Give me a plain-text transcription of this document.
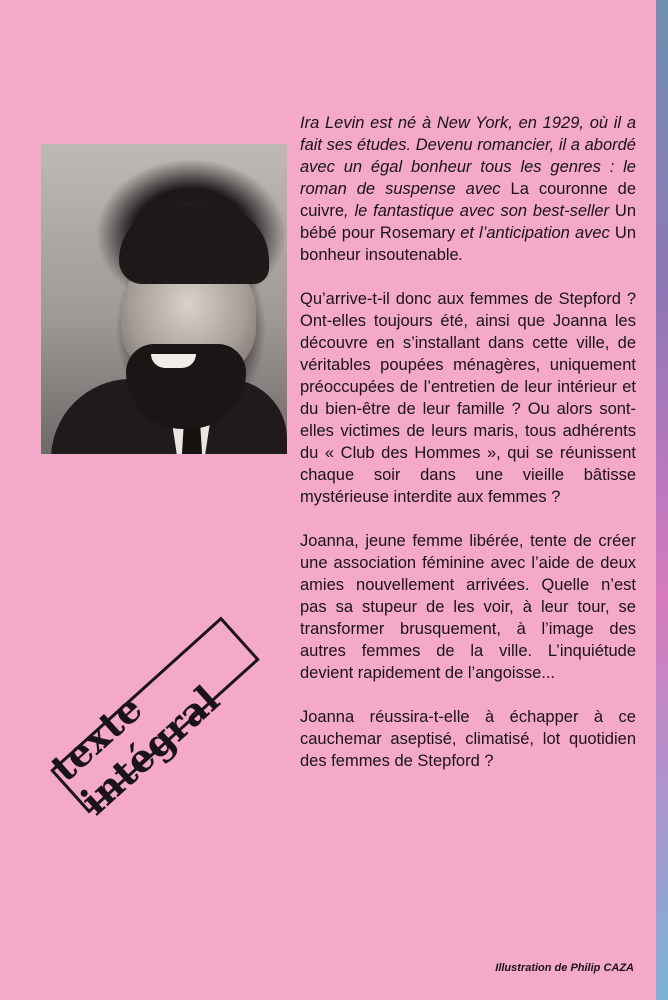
texte intégral

Ira Levin est né à New York, en 1929, où il a fait ses études. Devenu romancier, il a abordé avec un égal bonheur tous les genres : le roman de suspense avec La couronne de cuivre, le fantastique avec son best-seller Un bébé pour Rosemary et l’anticipation avec Un bonheur insoutenable.

Qu’arrive-t-il donc aux femmes de Stepford ? Ont-elles toujours été, ainsi que Joanna les découvre en s’installant dans cette ville, de véritables poupées ménagères, uniquement préoccupées de l’entretien de leur intérieur et du bien-être de leur famille ? Ou alors sont-elles victimes de leurs maris, tous adhérents du « Club des Hommes », qui se réunissent chaque soir dans une vieille bâtisse mystérieuse interdite aux femmes ?

Joanna, jeune femme libérée, tente de créer une association féminine avec l’aide de deux amies nouvellement arrivées. Quelle n’est pas sa stupeur de les voir, à leur tour, se transformer brusquement, à l’image des autres femmes de la ville. L’inquiétude devient rapidement de l’angoisse...

Joanna réussira-t-elle à échapper à ce cauchemar aseptisé, climatisé, lot quotidien des femmes de Stepford ?

Illustration de Philip CAZA
